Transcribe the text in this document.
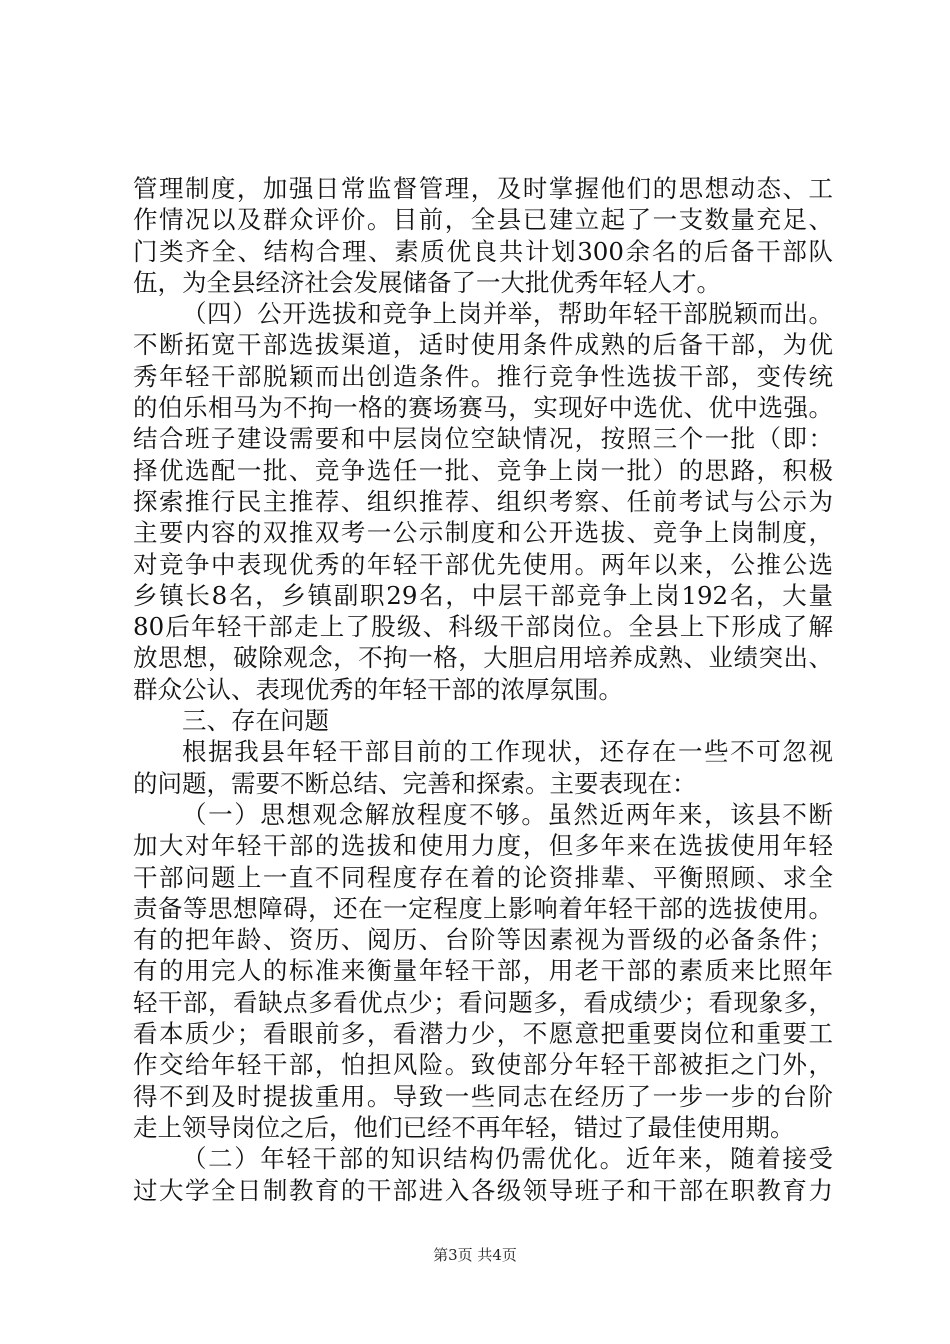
管理制度，加强日常监督管理，及时掌握他们的思想动态、工
作情况以及群众评价。目前，全县已建立起了一支数量充足、
门类齐全、结构合理、素质优良共计划300余名的后备干部队
伍，为全县经济社会发展储备了一大批优秀年轻人才。
（四）公开选拔和竞争上岗并举，帮助年轻干部脱颖而出。
不断拓宽干部选拔渠道，适时使用条件成熟的后备干部，为优
秀年轻干部脱颖而出创造条件。推行竞争性选拔干部，变传统
的伯乐相马为不拘一格的赛场赛马，实现好中选优、优中选强。
结合班子建设需要和中层岗位空缺情况，按照三个一批（即：
择优选配一批、竞争选任一批、竞争上岗一批）的思路，积极
探索推行民主推荐、组织推荐、组织考察、任前考试与公示为
主要内容的双推双考一公示制度和公开选拔、竞争上岗制度，
对竞争中表现优秀的年轻干部优先使用。两年以来，公推公选
乡镇长8名，乡镇副职29名，中层干部竞争上岗192名，大量
80后年轻干部走上了股级、科级干部岗位。全县上下形成了解
放思想，破除观念，不拘一格，大胆启用培养成熟、业绩突出、
群众公认、表现优秀的年轻干部的浓厚氛围。
三、存在问题
根据我县年轻干部目前的工作现状，还存在一些不可忽视
的问题，需要不断总结、完善和探索。主要表现在：
（一）思想观念解放程度不够。虽然近两年来，该县不断
加大对年轻干部的选拔和使用力度，但多年来在选拔使用年轻
干部问题上一直不同程度存在着的论资排辈、平衡照顾、求全
责备等思想障碍，还在一定程度上影响着年轻干部的选拔使用。
有的把年龄、资历、阅历、台阶等因素视为晋级的必备条件；
有的用完人的标准来衡量年轻干部，用老干部的素质来比照年
轻干部，看缺点多看优点少；看问题多，看成绩少；看现象多，
看本质少；看眼前多，看潜力少，不愿意把重要岗位和重要工
作交给年轻干部，怕担风险。致使部分年轻干部被拒之门外，
得不到及时提拔重用。导致一些同志在经历了一步一步的台阶
走上领导岗位之后，他们已经不再年轻，错过了最佳使用期。
（二）年轻干部的知识结构仍需优化。近年来，随着接受
过大学全日制教育的干部进入各级领导班子和干部在职教育力
第3页 共4页
